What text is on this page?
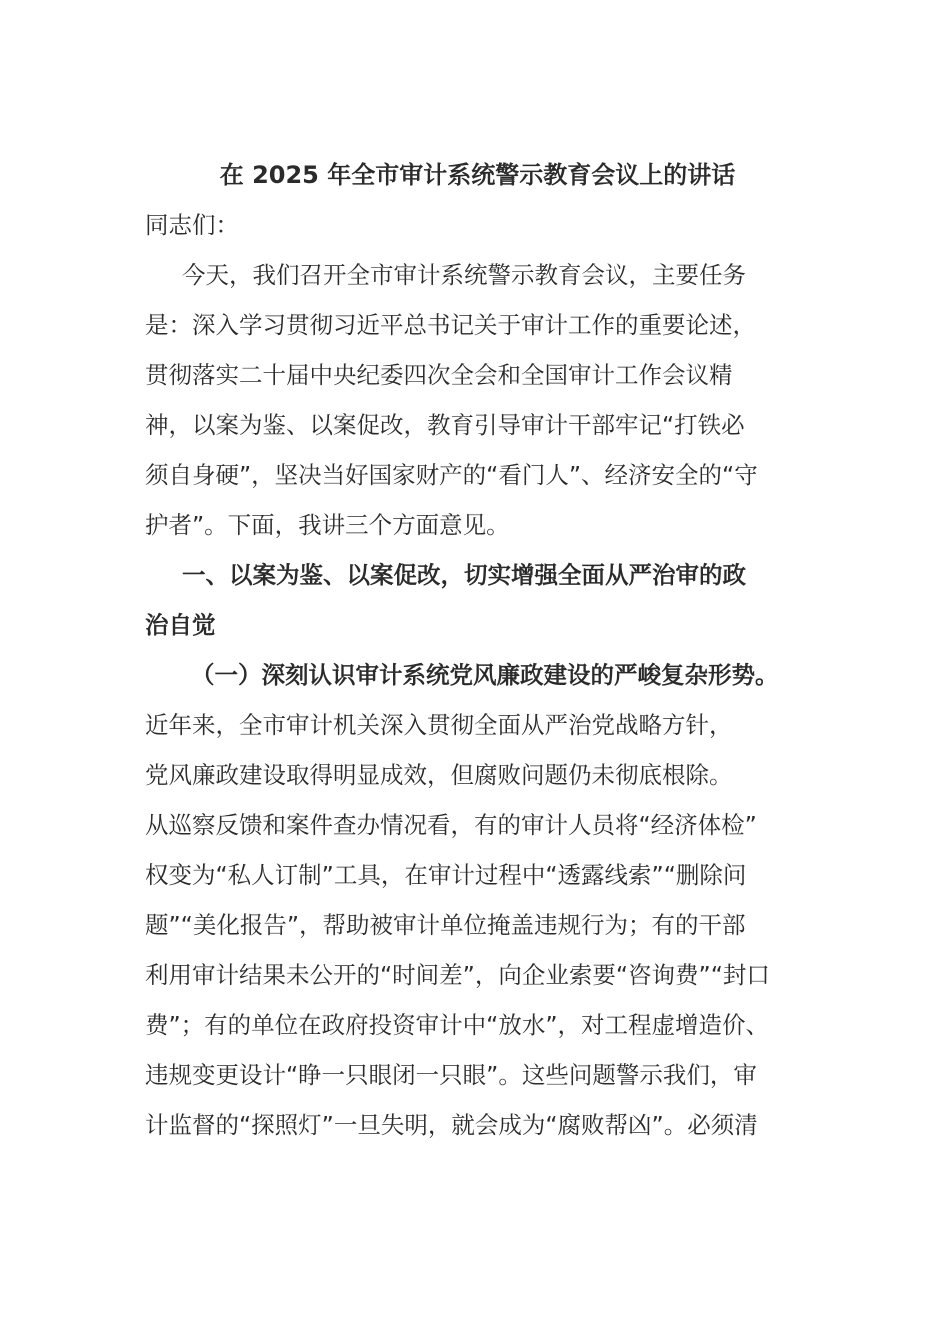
在 2025 年全市审计系统警示教育会议上的讲话

同志们：

今天，我们召开全市审计系统警示教育会议，主要任务

是：深入学习贯彻习近平总书记关于审计工作的重要论述，

贯彻落实二十届中央纪委四次全会和全国审计工作会议精

神，以案为鉴、以案促改，教育引导审计干部牢记“打铁必

须自身硬”，坚决当好国家财产的“看门人”、经济安全的“守

护者”。下面，我讲三个方面意见。

一、以案为鉴、以案促改，切实增强全面从严治审的政

治自觉

（一）深刻认识审计系统党风廉政建设的严峻复杂形势。

近年来，全市审计机关深入贯彻全面从严治党战略方针，

党风廉政建设取得明显成效，但腐败问题仍未彻底根除。

从巡察反馈和案件查办情况看，有的审计人员将“经济体检”

权变为“私人订制”工具，在审计过程中“透露线索”“删除问

题”“美化报告”，帮助被审计单位掩盖违规行为；有的干部

利用审计结果未公开的“时间差”，向企业索要“咨询费”“封口

费”；有的单位在政府投资审计中“放水”，对工程虚增造价、

违规变更设计“睁一只眼闭一只眼”。这些问题警示我们，审

计监督的“探照灯”一旦失明，就会成为“腐败帮凶”。必须清
